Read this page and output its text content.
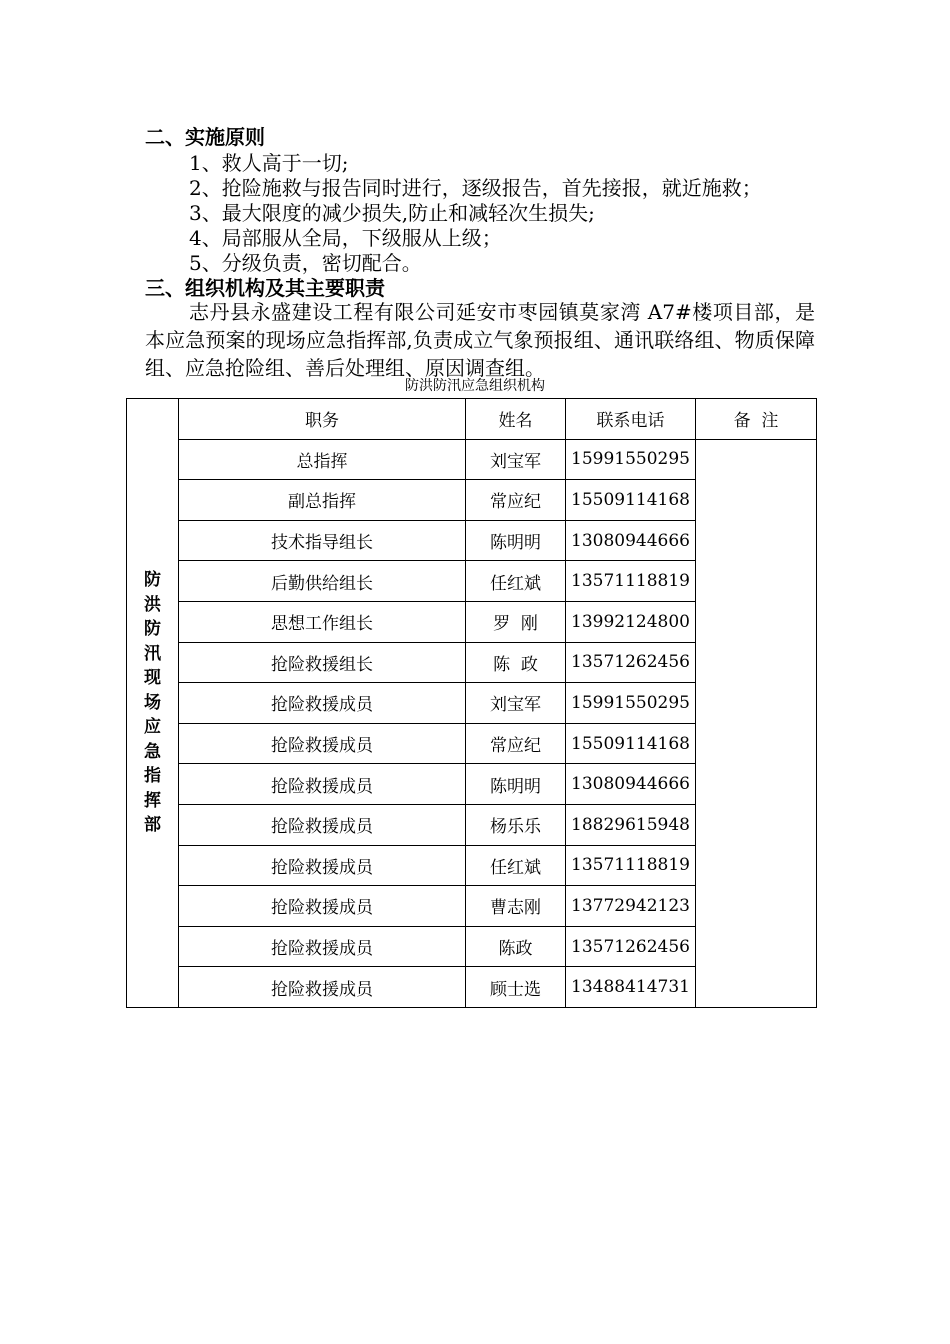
二、实施原则
1、救人高于一切;
2、抢险施救与报告同时进行，逐级报告，首先接报，就近施救；
3、最大限度的减少损失,防止和减轻次生损失;
4、局部服从全局，下级服从上级；
5、分级负责，密切配合。
三、组织机构及其主要职责
志丹县永盛建设工程有限公司延安市枣园镇莫家湾 A7#楼项目部，是本应急预案的现场应急指挥部,负责成立气象预报组、通讯联络组、物质保障组、应急抢险组、善后处理组、原因调查组。
防洪防汛应急组织机构
防洪防汛现场应急指挥部	职务	姓名	联系电话	备  注
	总指挥	刘宝军	15991550295	
	副总指挥	常应纪	15509114168	
	技术指导组长	陈明明	13080944666	
	后勤供给组长	任红斌	13571118819	
	思想工作组长	罗  刚	13992124800	
	抢险救援组长	陈  政	13571262456	
	抢险救援成员	刘宝军	15991550295	
	抢险救援成员	常应纪	15509114168	
	抢险救援成员	陈明明	13080944666	
	抢险救援成员	杨乐乐	18829615948	
	抢险救援成员	任红斌	13571118819	
	抢险救援成员	曹志刚	13772942123	
	抢险救援成员	陈政	13571262456	
	抢险救援成员	顾士选	13488414731	
